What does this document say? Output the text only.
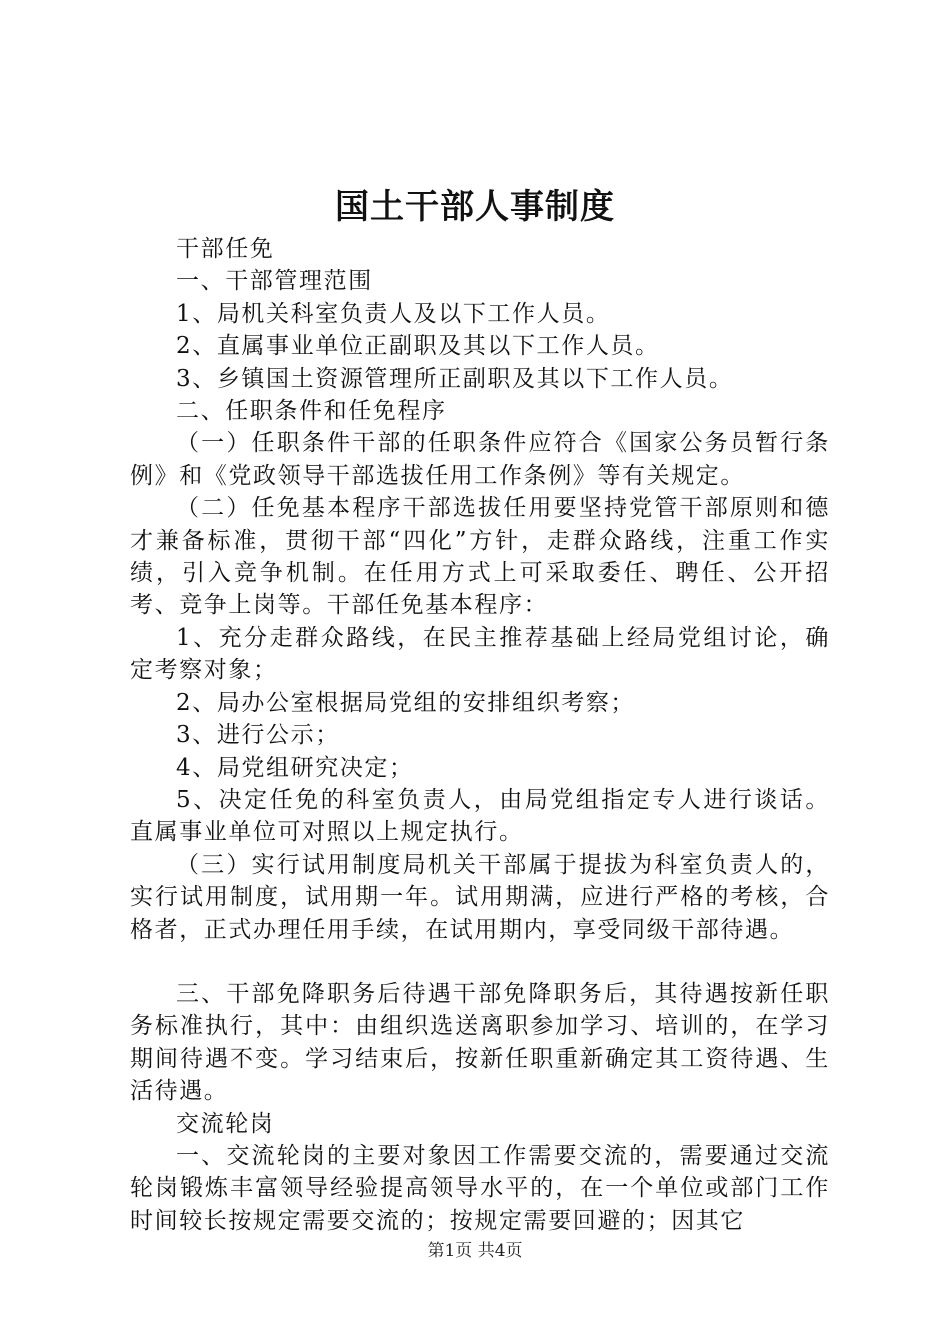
国土干部人事制度

干部任免

一、干部管理范围

1、局机关科室负责人及以下工作人员。

2、直属事业单位正副职及其以下工作人员。

3、乡镇国土资源管理所正副职及其以下工作人员。

二、任职条件和任免程序

（一）任职条件干部的任职条件应符合《国家公务员暂行条例》和《党政领导干部选拔任用工作条例》等有关规定。

（二）任免基本程序干部选拔任用要坚持党管干部原则和德才兼备标准，贯彻干部“四化”方针，走群众路线，注重工作实绩，引入竞争机制。在任用方式上可采取委任、聘任、公开招考、竞争上岗等。干部任免基本程序：

1、充分走群众路线，在民主推荐基础上经局党组讨论，确定考察对象；

2、局办公室根据局党组的安排组织考察；

3、进行公示；

4、局党组研究决定；

5、决定任免的科室负责人，由局党组指定专人进行谈话。直属事业单位可对照以上规定执行。

（三）实行试用制度局机关干部属于提拔为科室负责人的，实行试用制度，试用期一年。试用期满，应进行严格的考核，合格者，正式办理任用手续，在试用期内，享受同级干部待遇。

三、干部免降职务后待遇干部免降职务后，其待遇按新任职务标准执行，其中：由组织选送离职参加学习、培训的，在学习期间待遇不变。学习结束后，按新任职重新确定其工资待遇、生活待遇。

交流轮岗

一、交流轮岗的主要对象因工作需要交流的，需要通过交流轮岗锻炼丰富领导经验提高领导水平的，在一个单位或部门工作时间较长按规定需要交流的；按规定需要回避的；因其它

第1页 共4页
